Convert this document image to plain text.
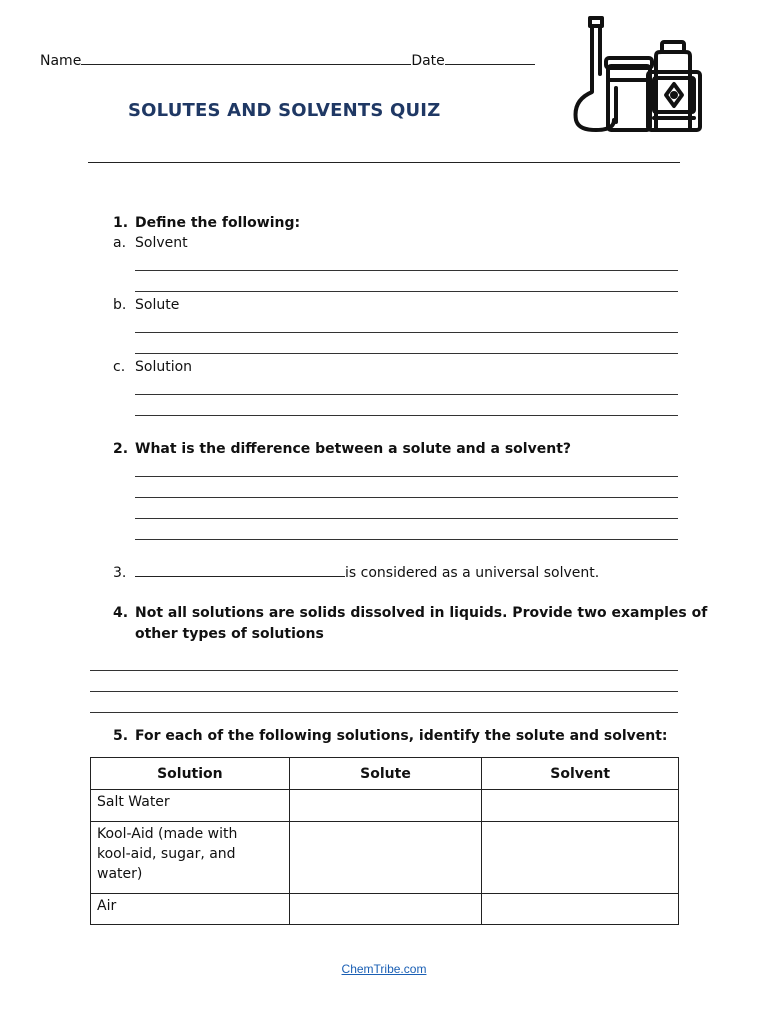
Name	Date
SOLUTES AND SOLVENTS QUIZ
1. Define the following:
a. Solvent
b. Solute
c. Solution
2. What is the difference between a solute and a solvent?
3.	is considered as a universal solvent.
4. Not all solutions are solids dissolved in liquids. Provide two examples of
other types of solutions
5. For each of the following solutions, identify the solute and solvent:
Solution	Solute	Solvent
Salt Water		

Kool-Aid (made with
kool-aid, sugar, and
water)		

Air		
ChemTribe.com
